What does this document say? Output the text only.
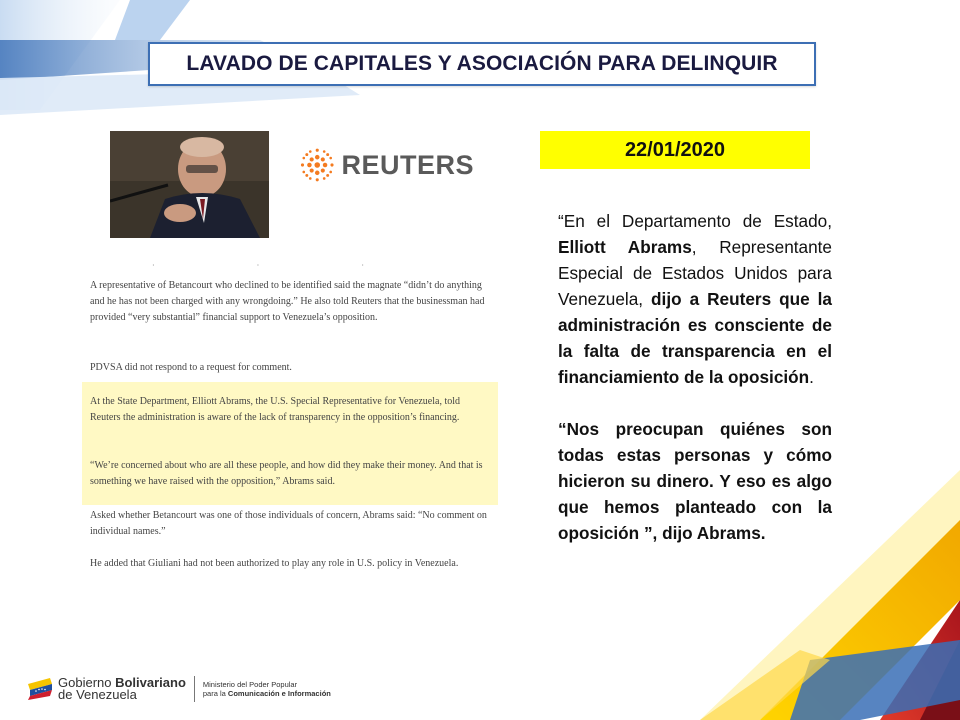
LAVADO DE CAPITALES Y ASOCIACIÓN PARA DELINQUIR
22/01/2020
REUTERS
· · ·

A representative of Betancourt who declined to be identified said the magnate “didn’t do anything and he has not been charged with any wrongdoing.” He also told Reuters that the businessman had provided “very substantial” financial support to Venezuela’s opposition.

PDVSA did not respond to a request for comment.

At the State Department, Elliott Abrams, the U.S. Special Representative for Venezuela, told Reuters the administration is aware of the lack of transparency in the opposition’s financing.

“We’re concerned about who are all these people, and how did they make their money. And that is something we have raised with the opposition,” Abrams said.

Asked whether Betancourt was one of those individuals of concern, Abrams said: “No comment on individual names.”

He added that Giuliani had not been authorized to play any role in U.S. policy in Venezuela.

“En el Departamento de Estado, Elliott Abrams, Representante Especial de Estados Unidos para Venezuela, dijo a Reuters que la administración es consciente de la falta de transparencia en el financiamiento de la oposición.

“Nos preocupan quiénes son todas estas personas y cómo hicieron su dinero. Y eso es algo que hemos planteado con la oposición ”, dijo Abrams.

Gobierno Bolivariano
de Venezuela
Ministerio del Poder Popular
para la Comunicación e Información
